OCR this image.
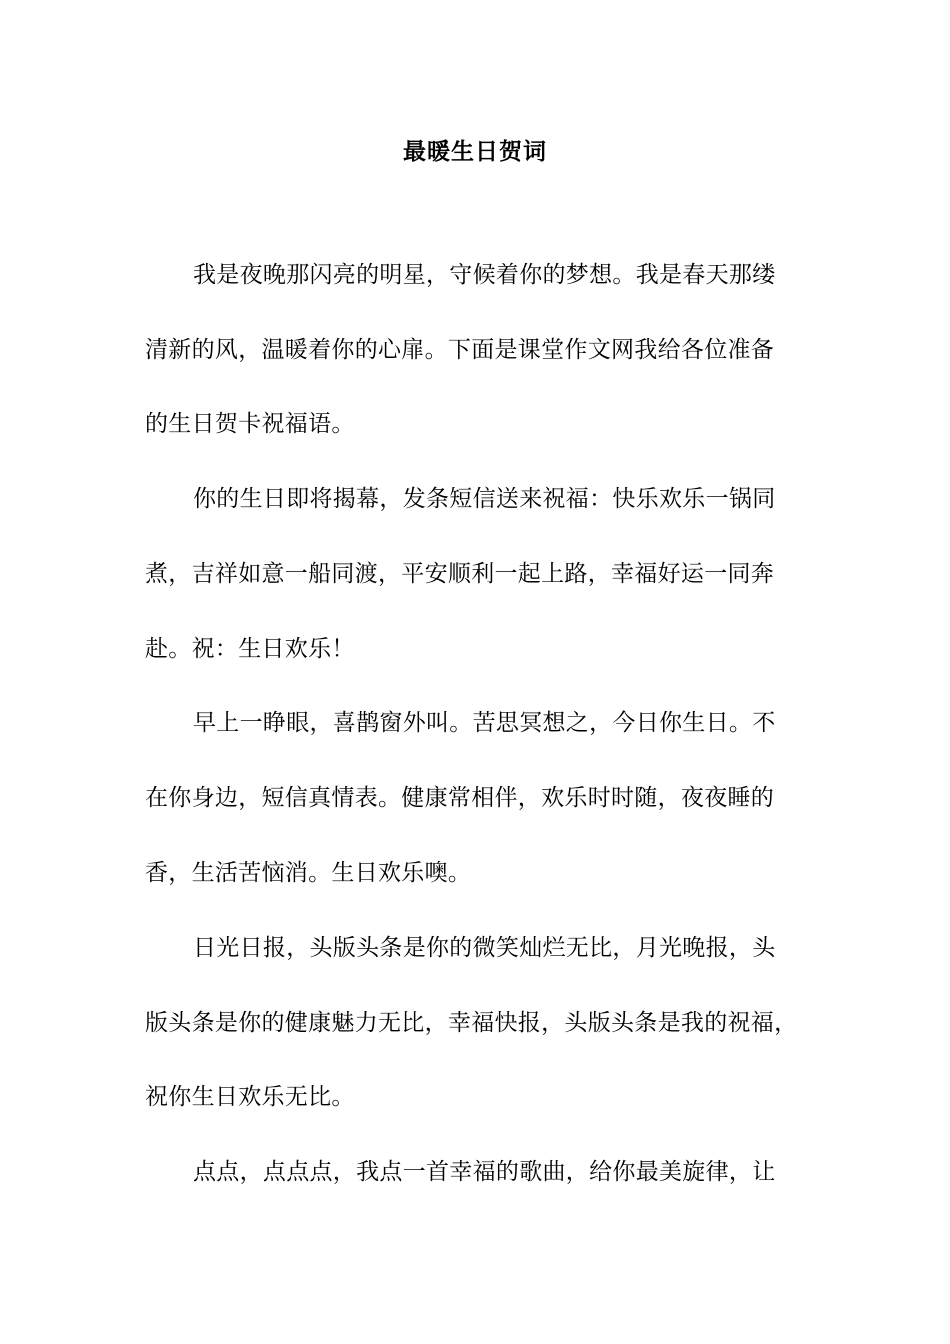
最暖生日贺词
我是夜晚那闪亮的明星，守候着你的梦想。我是春天那缕
清新的风，温暖着你的心扉。下面是课堂作文网我给各位准备
的生日贺卡祝福语。
你的生日即将揭幕，发条短信送来祝福：快乐欢乐一锅同
煮，吉祥如意一船同渡，平安顺利一起上路，幸福好运一同奔
赴。祝：生日欢乐！
早上一睁眼，喜鹊窗外叫。苦思冥想之，今日你生日。不
在你身边，短信真情表。健康常相伴，欢乐时时随，夜夜睡的
香，生活苦恼消。生日欢乐噢。
日光日报，头版头条是你的微笑灿烂无比，月光晚报，头
版头条是你的健康魅力无比，幸福快报，头版头条是我的祝福，
祝你生日欢乐无比。
点点，点点点，我点一首幸福的歌曲，给你最美旋律，让
